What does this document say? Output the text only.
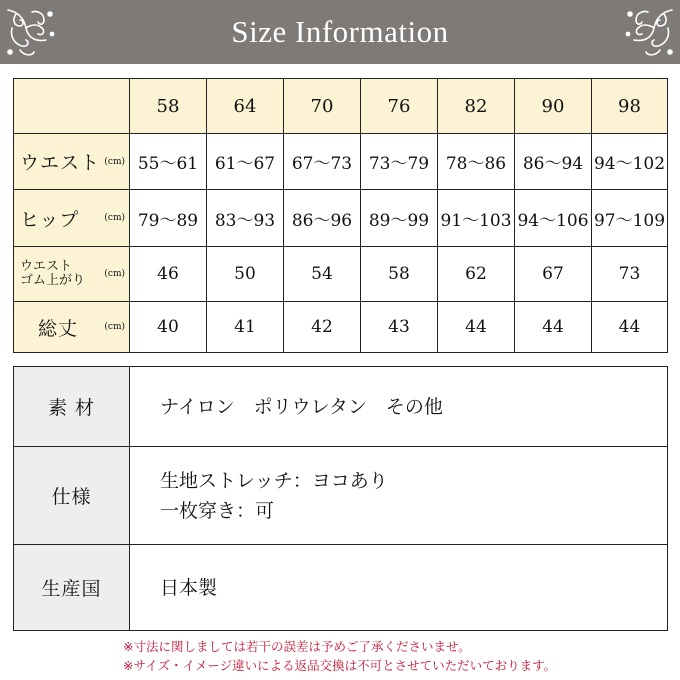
Size Information
	58	64	70	76	82	90	98

ウエスト (cm)	55～61	61～67	67～73	73～79	78～86	86～94	94～102

ヒップ (cm)	79～89	83～93	86～96	89～99	91～103	94～106	97～109

ウエスト
ゴム上がり (cm)	46	50	54	58	62	67	73

総丈 (cm)	40	41	42	43	44	44	44
素 材	ナイロン　ポリウレタン　その他

仕様	生地ストレッチ：ヨコあり
一枚穿き：可

生産国	日本製
※寸法に関しましては若干の誤差は予めご了承くださいませ。
※サイズ・イメージ違いによる返品交換は不可とさせていただいております。
